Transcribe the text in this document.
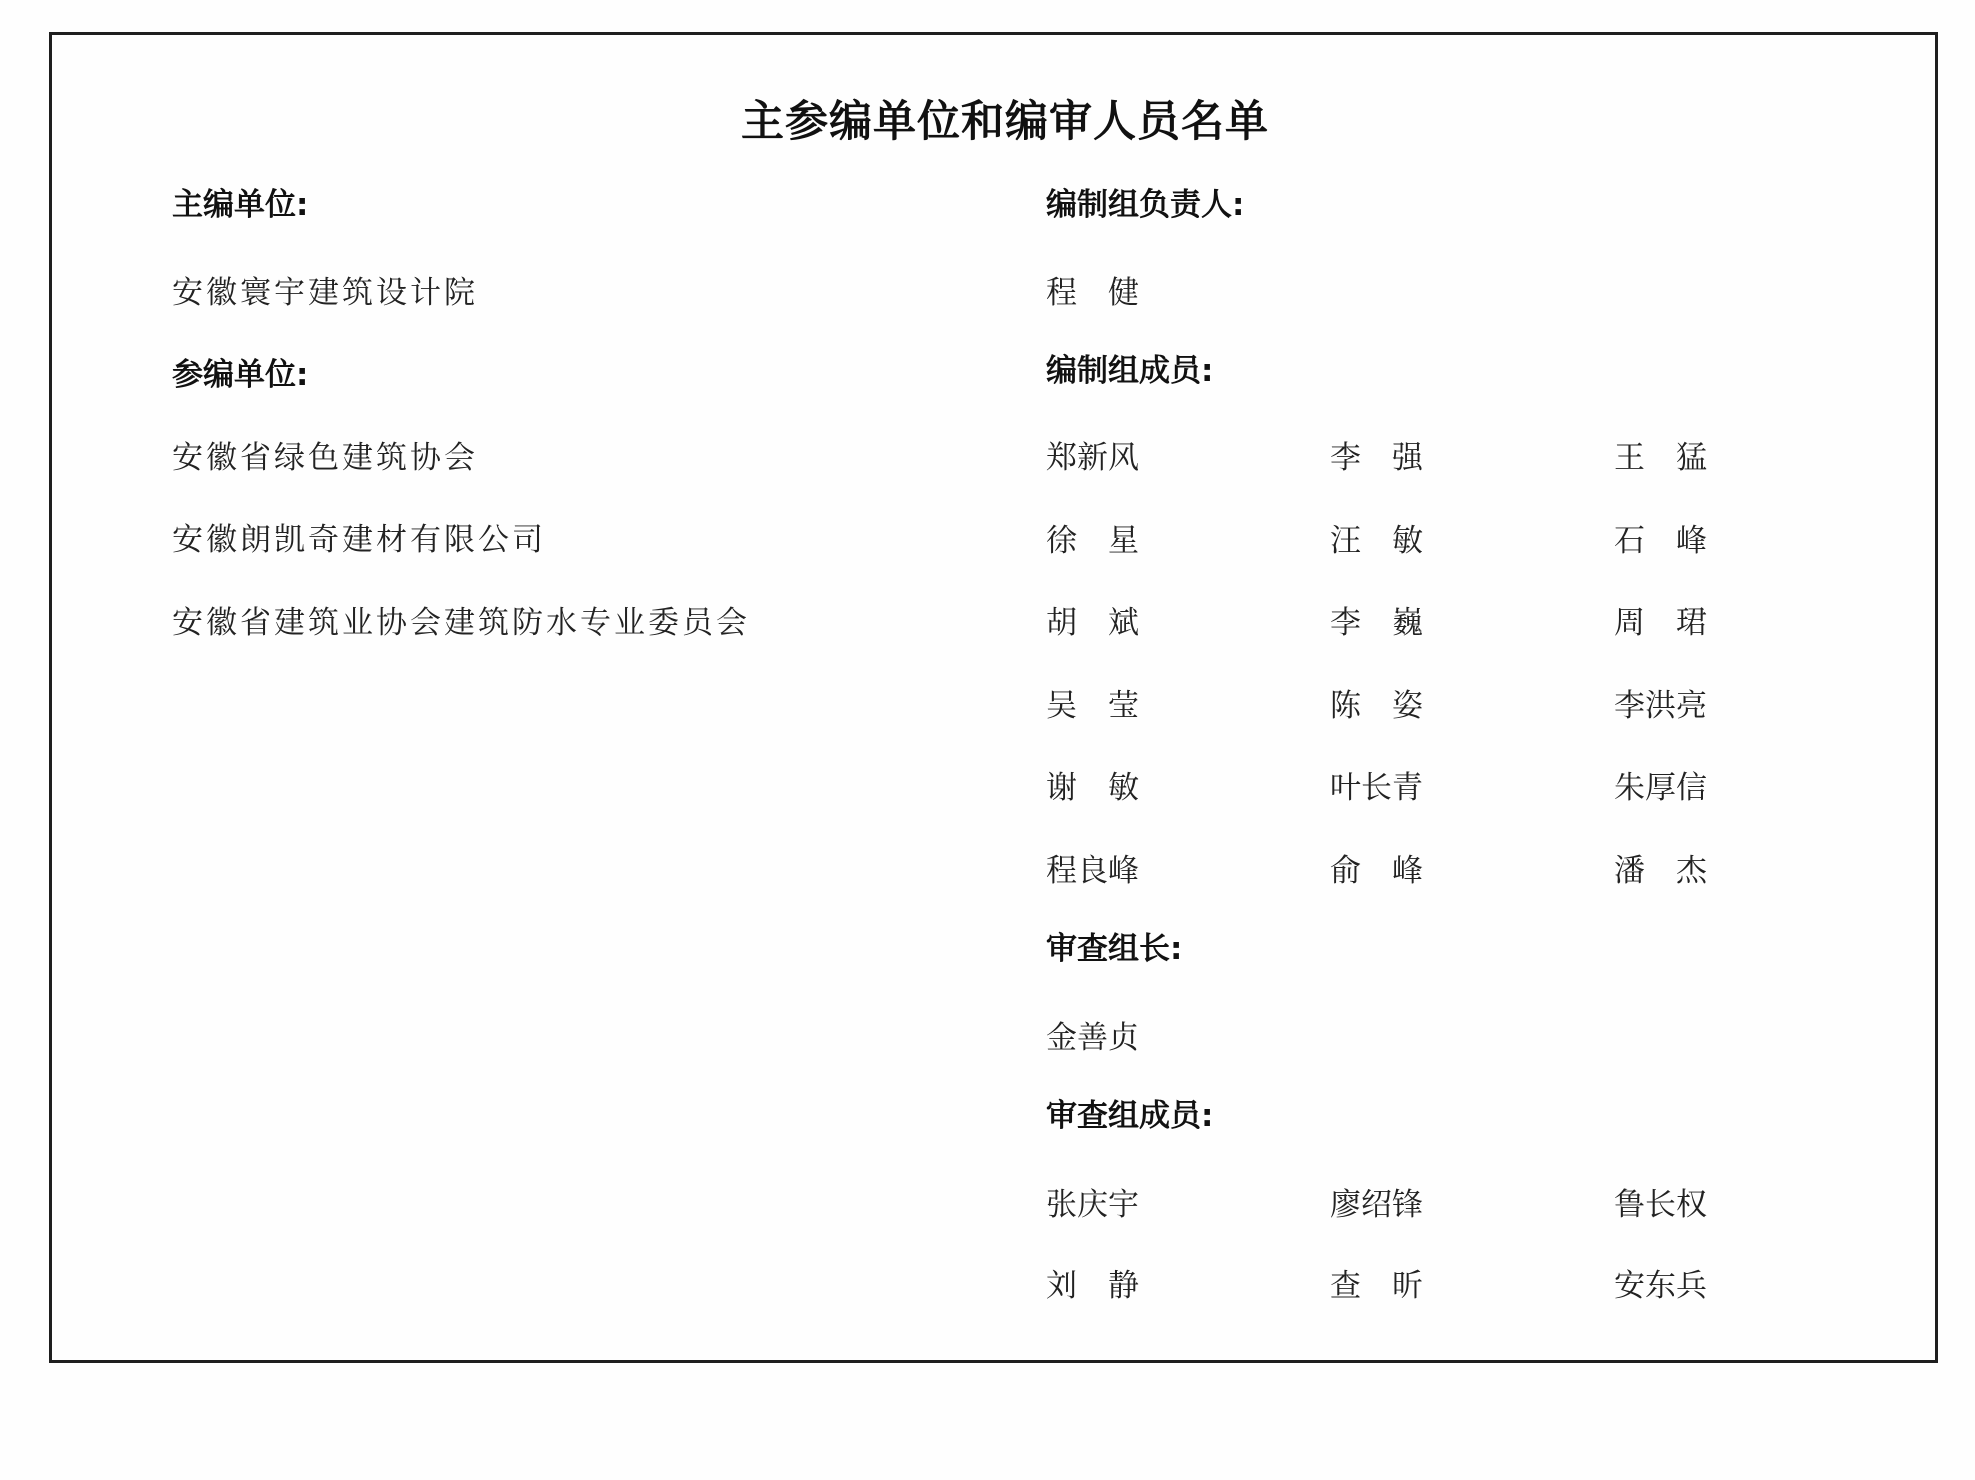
主参编单位和编审人员名单
主编单位:
安徽寰宇建筑设计院
参编单位:
安徽省绿色建筑协会
安徽朗凯奇建材有限公司
安徽省建筑业协会建筑防水专业委员会
编制组负责人:
程　健
编制组成员:
郑新风	李　强	王　猛
徐　星	汪　敏	石　峰
胡　斌	李　巍	周　珺
吴　莹	陈　姿	李洪亮
谢　敏	叶长青	朱厚信
程良峰	俞　峰	潘　杰
审查组长:
金善贞
审查组成员:
张庆宇	廖绍锋	鲁长权
刘　静	查　昕	安东兵
